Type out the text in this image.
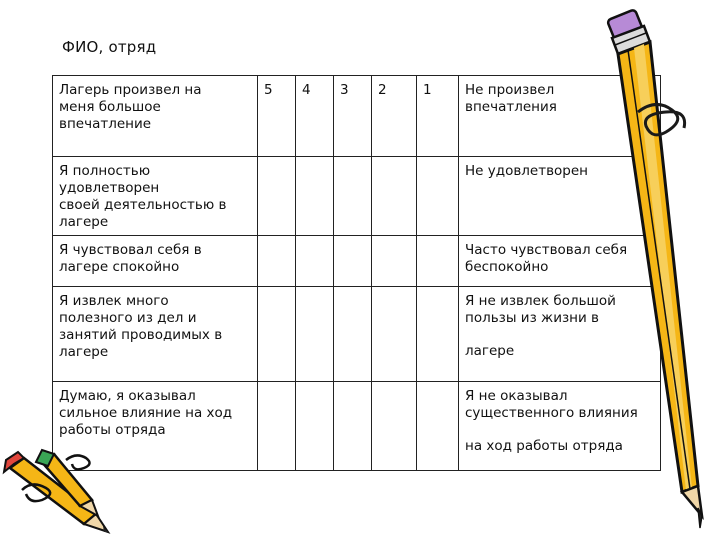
ФИО, отряд
Лагерь произвел на
меня большое
впечатление	5	4	3	2	1	Не произвел
впечатления
Я полностью удовлетворен
своей деятельностью в
лагере						Не удовлетворен
Я чувствовал себя в
лагере спокойно						Часто чувствовал себя
беспокойно
Я извлек много
полезного из дел и
занятий проводимых в
лагере						Я не извлек большой
пользы из жизни в
лагере
Думаю, я оказывал
сильное влияние на ход
работы отряда						Я не оказывал
существенного влияния
на ход работы отряда
